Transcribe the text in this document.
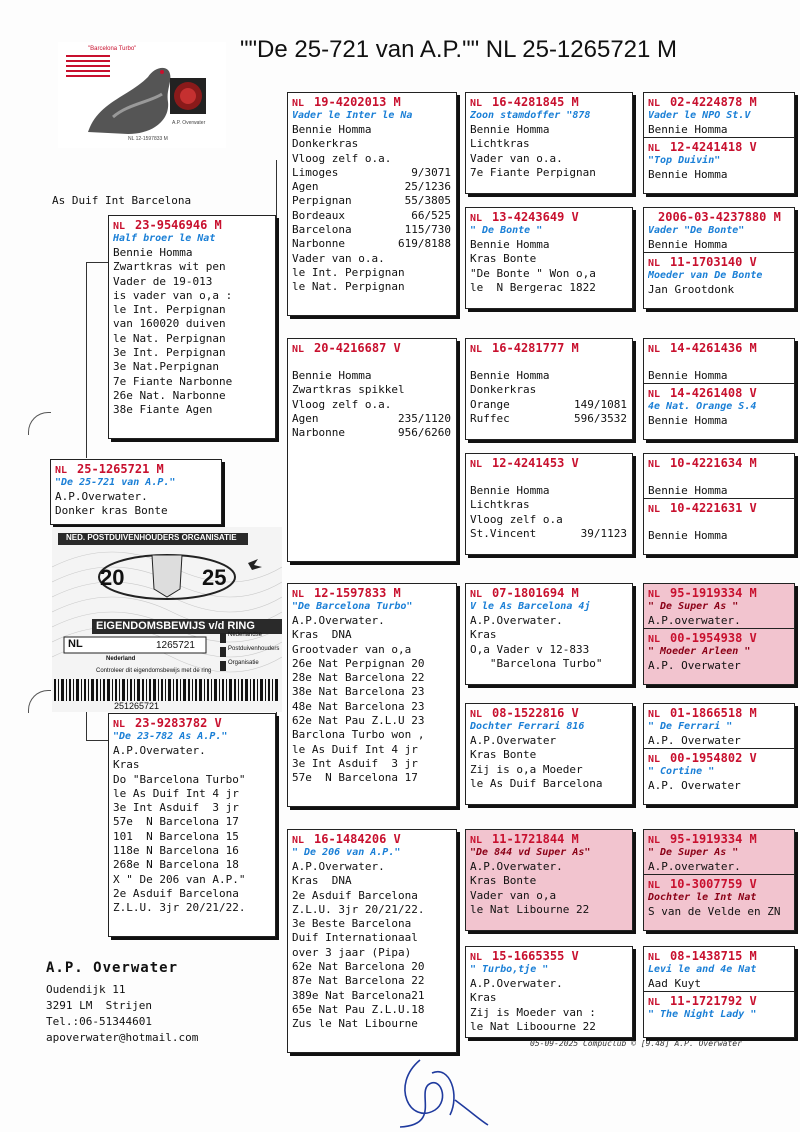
""De 25-721 van A.P."" NL 25-1265721 M
"Barcelona Turbo"
A.P. Overwater
NL 12-1597833 M
As Duif Int Barcelona
NL 25-1265721 M
"De 25-721 van A.P."
A.P.Overwater.
Donker kras Bonte
NL 23-9546946 M
Half broer le Nat
Bennie Homma
Zwartkras wit pen
Vader de 19-013
is vader van o,a :
le Int. Perpignan
van 160020 duiven
le Nat. Perpignan
3e Int. Perpignan
3e Nat.Perpignan
7e Fiante Narbonne
26e Nat. Narbonne
38e Fiante Agen
NL 23-9283782 V
"De 23-782 As A.P."
A.P.Overwater.
Kras
Do "Barcelona Turbo"
le As Duif Int 4 jr
3e Int Asduif  3 jr
57e  N Barcelona 17
101  N Barcelona 15
118e N Barcelona 16
268e N Barcelona 18
X " De 206 van A.P."
2e Asduif Barcelona
Z.L.U. 3jr 20/21/22.
NL 19-4202013 M
Vader le Inter le Na
Bennie Homma
Donkerkras
Vloog zelf o.a.
Limoges	9/3071
Agen	25/1236
Perpignan	55/3805
Bordeaux	66/525
Barcelona	115/730
Narbonne	619/8188
Vader van o.a.
le Int. Perpignan
le Nat. Perpignan
NL 20-4216687 V
Bennie Homma
Zwartkras spikkel
Vloog zelf o.a.
Agen	235/1120
Narbonne	956/6260
NL 12-1597833 M
"De Barcelona Turbo"
A.P.Overwater.
Kras  DNA
Grootvader van o,a
26e Nat Perpignan 20
28e Nat Barcelona 22
38e Nat Barcelona 23
48e Nat Barcelona 23
62e Nat Pau Z.L.U 23
Barclona Turbo won ,
le As Duif Int 4 jr
3e Int Asduif  3 jr
57e  N Barcelona 17
NL 16-1484206 V
" De 206 van A.P."
A.P.Overwater.
Kras  DNA
2e Asduif Barcelona
Z.L.U. 3jr 20/21/22.
3e Beste Barcelona
Duif Internationaal
over 3 jaar (Pipa)
62e Nat Barcelona 20
87e Nat Barcelona 22
389e Nat Barcelona21
65e Nat Pau Z.L.U.18
Zus le Nat Libourne
NL 16-4281845 M
Zoon stamdoffer "878
Bennie Homma
Lichtkras
Vader van o.a.
7e Fiante Perpignan
NL 13-4243649 V
" De Bonte "
Bennie Homma
Kras Bonte
"De Bonte " Won o,a
le  N Bergerac 1822
NL 16-4281777 M
Bennie Homma
Donkerkras
Orange	149/1081
Ruffec	596/3532
NL 12-4241453 V
Bennie Homma
Lichtkras
Vloog zelf o.a
St.Vincent	39/1123
NL 07-1801694 M
V le As Barcelona 4j
A.P.Overwater.
Kras
O,a Vader v 12-833
"Barcelona Turbo"
NL 08-1522816 V
Dochter Ferrari 816
A.P.Overwater
Kras Bonte
Zij is o,a Moeder
le As Duif Barcelona
NL 11-1721844 M
"De 844 vd Super As"
A.P.Overwater.
Kras Bonte
Vader van o,a
le Nat Libourne 22
NL 15-1665355 V
" Turbo,tje "
A.P.Overwater.
Kras
Zij is Moeder van :
le Nat Liboourne 22
NL 02-4224878 M
Vader le NPO St.V
Bennie Homma
NL 12-4241418 V
"Top Duivin"
Bennie Homma
2006-03-4237880 M
Vader "De Bonte"
Bennie Homma
NL 11-1703140 V
Moeder van De Bonte
Jan Grootdonk
NL 14-4261436 M
Bennie Homma
NL 14-4261408 V
4e Nat. Orange S.4
Bennie Homma
NL 10-4221634 M
Bennie Homma
NL 10-4221631 V
Bennie Homma
NL 95-1919334 M
" De Super As "
A.P.overwater.
NL 00-1954938 V
" Moeder Arleen "
A.P. Overwater
NL 01-1866518 M
" De Ferrari "
A.P. Overwater
NL 00-1954802 V
" Cortine "
A.P. Overwater
NL 95-1919334 M
" De Super As "
A.P.overwater.
NL 10-3007759 V
Dochter le Int Nat
S van de Velde en ZN
NL 08-1438715 M
Levi le and 4e Nat
Aad Kuyt
NL 11-1721792 V
" The Night Lady "
NED. POSTDUIVENHOUDERS ORGANISATIE
20	25
EIGENDOMSBEWIJS v/d RING
NL	1265721
Nederland
Nederlandse
Postduivenhouders
Organisatie
Controleer dit eigendomsbewijs met de ring
251265721
A.P. Overwater
Oudendijk 11
3291 LM  Strijen
Tel.:06-51344601
apoverwater@hotmail.com	05-09-2025 Compuclub © [9.48] A.P. Overwater
